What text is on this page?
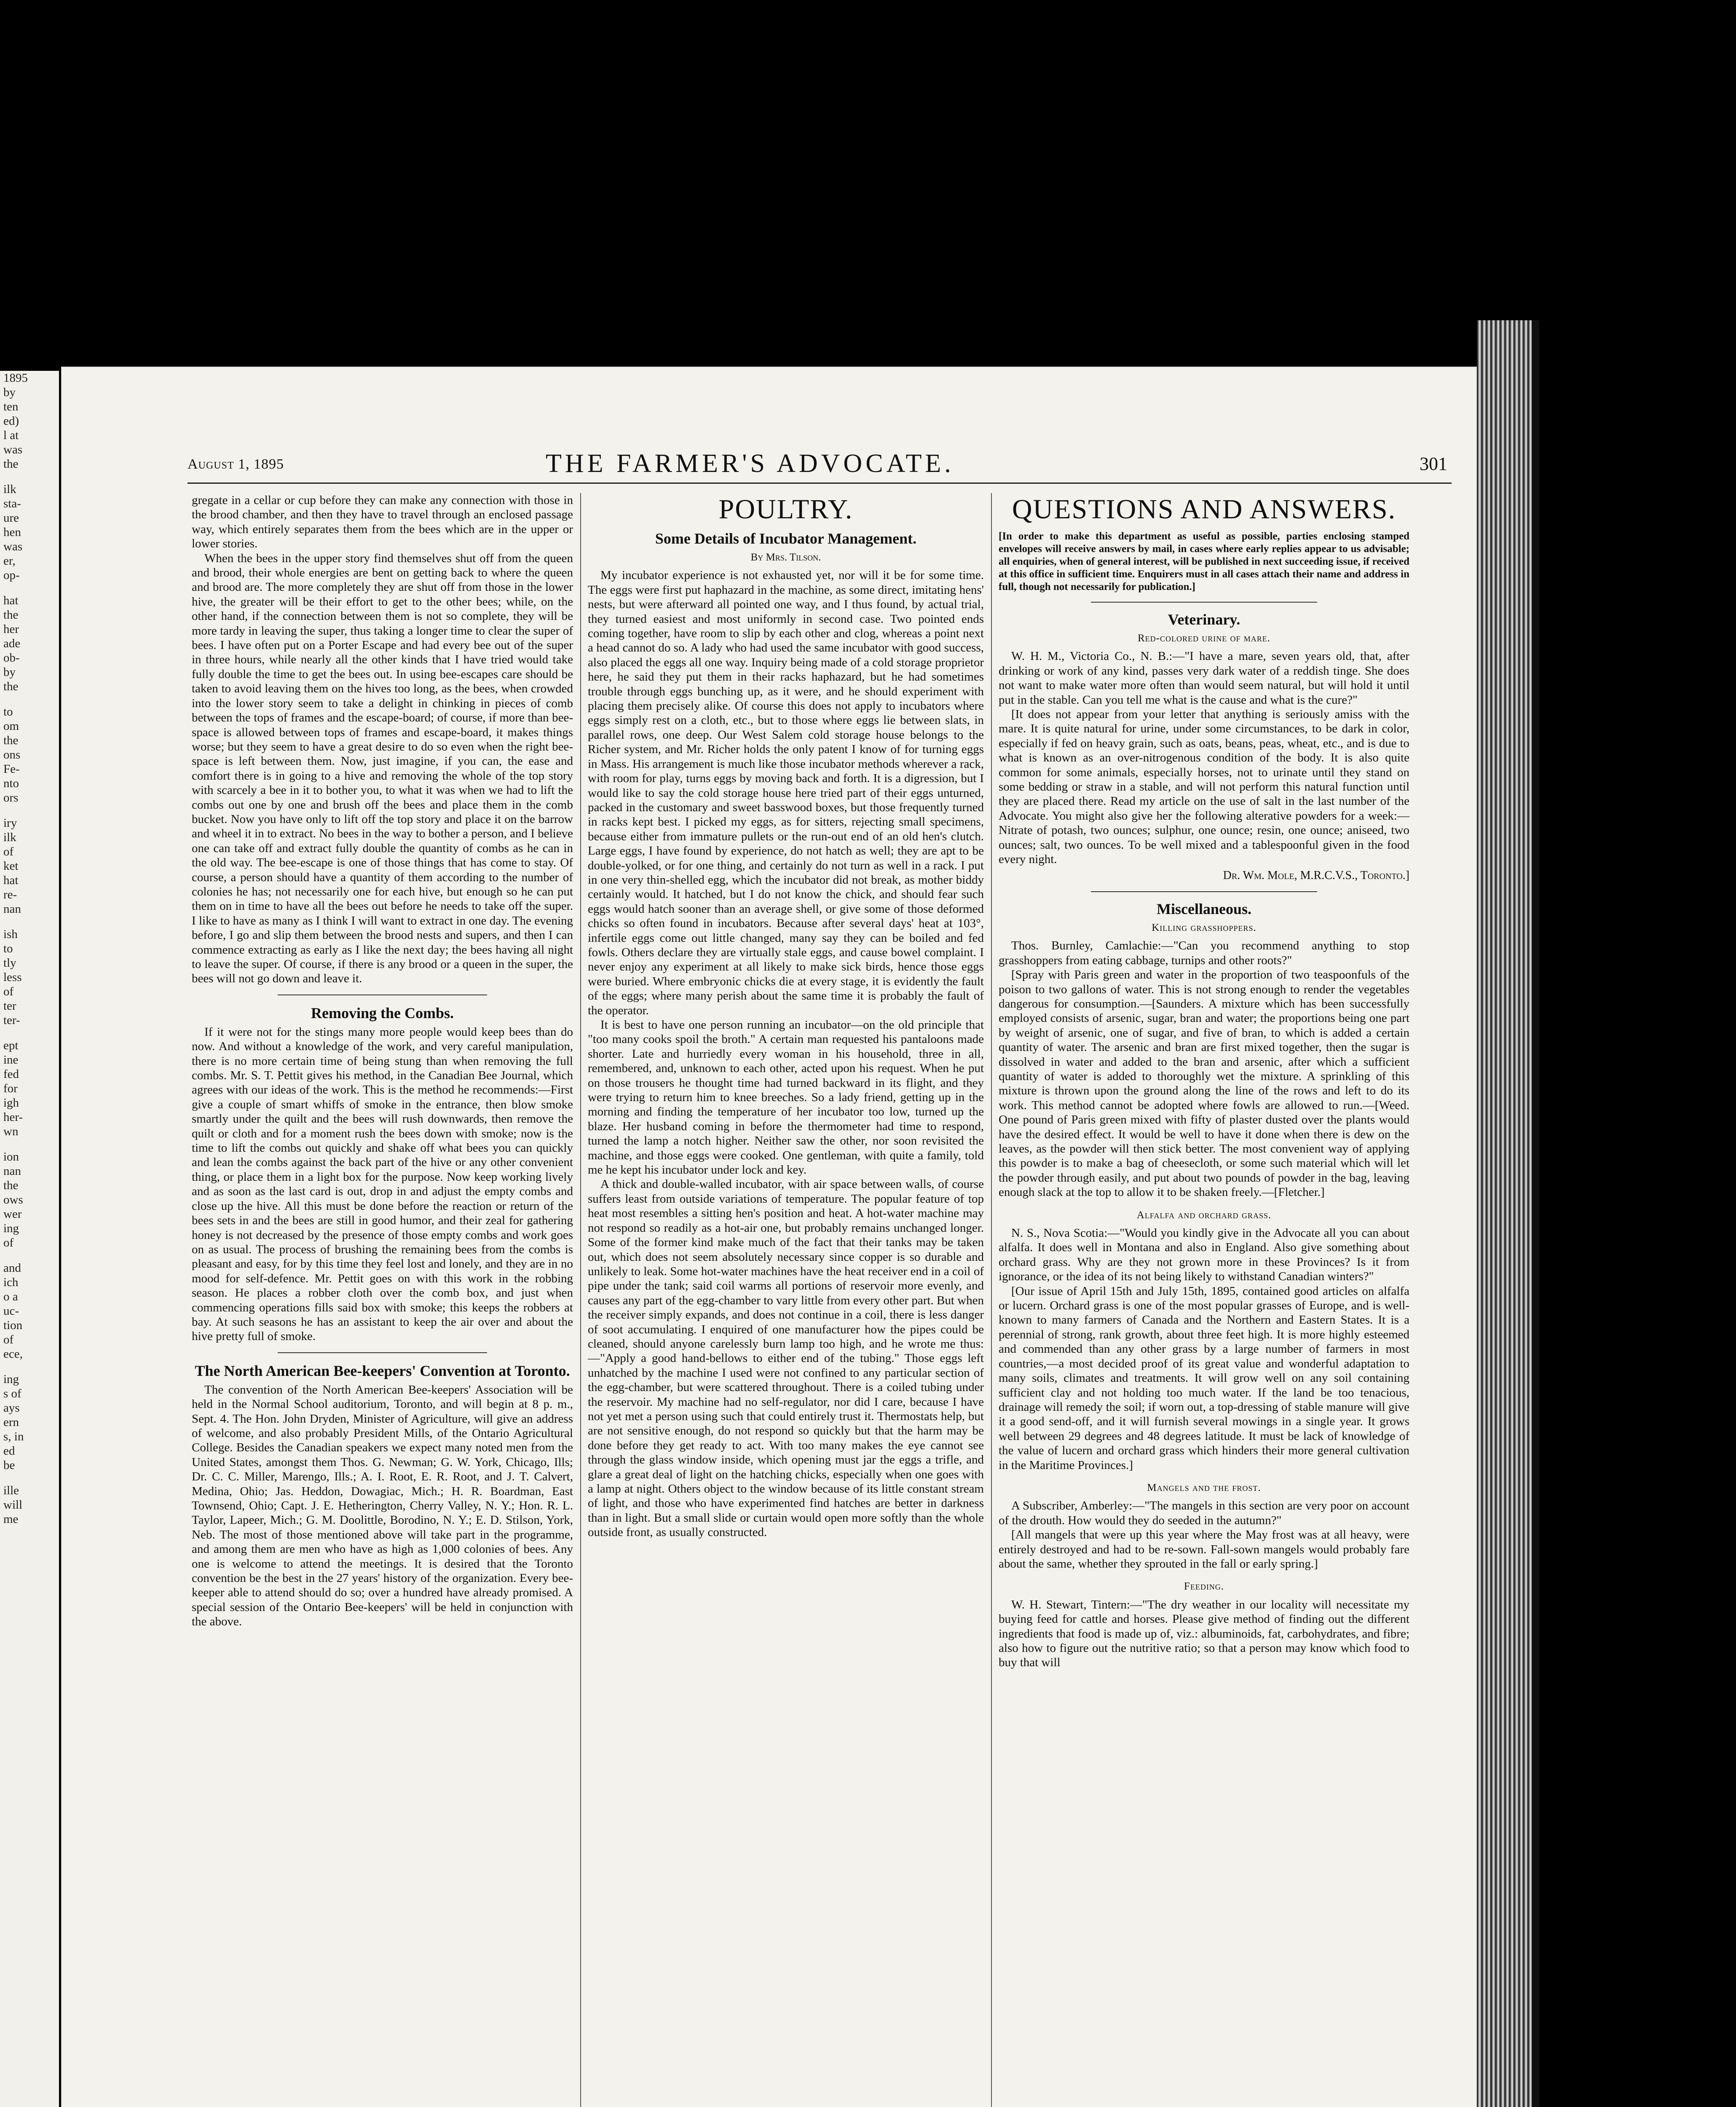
1895
by
ten
ed)
l at
was
the
ilk
sta-
ure
hen
was
er,
op-
hat
the
her
ade
ob-
by
the
to
om
the
ons
Fe-
nto
ors
iry
ilk
of
ket
hat
re-
nan
ish
to
tly
less
of
ter
ter-
ept
ine
fed
for
igh
her-
wn
ion
nan
the
ows
wer
ing
of
and
ich
o a
uc-
tion
of
ece,
ing
s of
ays
ern
s, in
ed
be
ille
will
me
August 1, 1895	THE FARMER'S ADVOCATE.	301

gregate in a cellar or cup before they can make any connection with those in the brood chamber, and then they have to travel through an enclosed passage way, which entirely separates them from the bees which are in the upper or lower stories.

When the bees in the upper story find themselves shut off from the queen and brood, their whole energies are bent on getting back to where the queen and brood are. The more completely they are shut off from those in the lower hive, the greater will be their effort to get to the other bees; while, on the other hand, if the connection between them is not so complete, they will be more tardy in leaving the super, thus taking a longer time to clear the super of bees. I have often put on a Porter Escape and had every bee out of the super in three hours, while nearly all the other kinds that I have tried would take fully double the time to get the bees out. In using bee-escapes care should be taken to avoid leaving them on the hives too long, as the bees, when crowded into the lower story seem to take a delight in chinking in pieces of comb between the tops of frames and the escape-board; of course, if more than bee-space is allowed between tops of frames and escape-board, it makes things worse; but they seem to have a great desire to do so even when the right bee-space is left between them. Now, just imagine, if you can, the ease and comfort there is in going to a hive and removing the whole of the top story with scarcely a bee in it to bother you, to what it was when we had to lift the combs out one by one and brush off the bees and place them in the comb bucket. Now you have only to lift off the top story and place it on the barrow and wheel it in to extract. No bees in the way to bother a person, and I believe one can take off and extract fully double the quantity of combs as he can in the old way. The bee-escape is one of those things that has come to stay. Of course, a person should have a quantity of them according to the number of colonies he has; not necessarily one for each hive, but enough so he can put them on in time to have all the bees out before he needs to take off the super. I like to have as many as I think I will want to extract in one day. The evening before, I go and slip them between the brood nests and supers, and then I can commence extracting as early as I like the next day; the bees having all night to leave the super. Of course, if there is any brood or a queen in the super, the bees will not go down and leave it.

Removing the Combs.

If it were not for the stings many more people would keep bees than do now. And without a knowledge of the work, and very careful manipulation, there is no more certain time of being stung than when removing the full combs. Mr. S. T. Pettit gives his method, in the Canadian Bee Journal, which agrees with our ideas of the work. This is the method he recommends:—First give a couple of smart whiffs of smoke in the entrance, then blow smoke smartly under the quilt and the bees will rush downwards, then remove the quilt or cloth and for a moment rush the bees down with smoke; now is the time to lift the combs out quickly and shake off what bees you can quickly and lean the combs against the back part of the hive or any other convenient thing, or place them in a light box for the purpose. Now keep working lively and as soon as the last card is out, drop in and adjust the empty combs and close up the hive. All this must be done before the reaction or return of the bees sets in and the bees are still in good humor, and their zeal for gathering honey is not decreased by the presence of those empty combs and work goes on as usual. The process of brushing the remaining bees from the combs is pleasant and easy, for by this time they feel lost and lonely, and they are in no mood for self-defence. Mr. Pettit goes on with this work in the robbing season. He places a robber cloth over the comb box, and just when commencing operations fills said box with smoke; this keeps the robbers at bay. At such seasons he has an assistant to keep the air over and about the hive pretty full of smoke.

The North American Bee-keepers' Convention at Toronto.

The convention of the North American Bee-keepers' Association will be held in the Normal School auditorium, Toronto, and will begin at 8 p. m., Sept. 4. The Hon. John Dryden, Minister of Agriculture, will give an address of welcome, and also probably President Mills, of the Ontario Agricultural College. Besides the Canadian speakers we expect many noted men from the United States, amongst them Thos. G. Newman; G. W. York, Chicago, Ills; Dr. C. C. Miller, Marengo, Ills.; A. I. Root, E. R. Root, and J. T. Calvert, Medina, Ohio; Jas. Heddon, Dowagiac, Mich.; H. R. Boardman, East Townsend, Ohio; Capt. J. E. Hetherington, Cherry Valley, N. Y.; Hon. R. L. Taylor, Lapeer, Mich.; G. M. Doolittle, Borodino, N. Y.; E. D. Stilson, York, Neb. The most of those mentioned above will take part in the programme, and among them are men who have as high as 1,000 colonies of bees. Any one is welcome to attend the meetings. It is desired that the Toronto convention be the best in the 27 years' history of the organization. Every bee-keeper able to attend should do so; over a hundred have already promised. A special session of the Ontario Bee-keepers' will be held in conjunction with the above.

POULTRY.
Some Details of Incubator Management.
By Mrs. Tilson.

My incubator experience is not exhausted yet, nor will it be for some time. The eggs were first put haphazard in the machine, as some direct, imitating hens' nests, but were afterward all pointed one way, and I thus found, by actual trial, they turned easiest and most uniformly in second case. Two pointed ends coming together, have room to slip by each other and clog, whereas a point next a head cannot do so. A lady who had used the same incubator with good success, also placed the eggs all one way. Inquiry being made of a cold storage proprietor here, he said they put them in their racks haphazard, but he had sometimes trouble through eggs bunching up, as it were, and he should experiment with placing them precisely alike. Of course this does not apply to incubators where eggs simply rest on a cloth, etc., but to those where eggs lie between slats, in parallel rows, one deep. Our West Salem cold storage house belongs to the Richer system, and Mr. Richer holds the only patent I know of for turning eggs in Mass. His arrangement is much like those incubator methods wherever a rack, with room for play, turns eggs by moving back and forth. It is a digression, but I would like to say the cold storage house here tried part of their eggs unturned, packed in the customary and sweet basswood boxes, but those frequently turned in racks kept best. I picked my eggs, as for sitters, rejecting small specimens, because either from immature pullets or the run-out end of an old hen's clutch. Large eggs, I have found by experience, do not hatch as well; they are apt to be double-yolked, or for one thing, and certainly do not turn as well in a rack. I put in one very thin-shelled egg, which the incubator did not break, as mother biddy certainly would. It hatched, but I do not know the chick, and should fear such eggs would hatch sooner than an average shell, or give some of those deformed chicks so often found in incubators. Because after several days' heat at 103°, infertile eggs come out little changed, many say they can be boiled and fed fowls. Others declare they are virtually stale eggs, and cause bowel complaint. I never enjoy any experiment at all likely to make sick birds, hence those eggs were buried. Where embryonic chicks die at every stage, it is evidently the fault of the eggs; where many perish about the same time it is probably the fault of the operator.

It is best to have one person running an incubator—on the old principle that "too many cooks spoil the broth." A certain man requested his pantaloons made shorter. Late and hurriedly every woman in his household, three in all, remembered, and, unknown to each other, acted upon his request. When he put on those trousers he thought time had turned backward in its flight, and they were trying to return him to knee breeches. So a lady friend, getting up in the morning and finding the temperature of her incubator too low, turned up the blaze. Her husband coming in before the thermometer had time to respond, turned the lamp a notch higher. Neither saw the other, nor soon revisited the machine, and those eggs were cooked. One gentleman, with quite a family, told me he kept his incubator under lock and key.

A thick and double-walled incubator, with air space between walls, of course suffers least from outside variations of temperature. The popular feature of top heat most resembles a sitting hen's position and heat. A hot-water machine may not respond so readily as a hot-air one, but probably remains unchanged longer. Some of the former kind make much of the fact that their tanks may be taken out, which does not seem absolutely necessary since copper is so durable and unlikely to leak. Some hot-water machines have the heat receiver end in a coil of pipe under the tank; said coil warms all portions of reservoir more evenly, and causes any part of the egg-chamber to vary little from every other part. But when the receiver simply expands, and does not continue in a coil, there is less danger of soot accumulating. I enquired of one manufacturer how the pipes could be cleaned, should anyone carelessly burn lamp too high, and he wrote me thus:—"Apply a good hand-bellows to either end of the tubing." Those eggs left unhatched by the machine I used were not confined to any particular section of the egg-chamber, but were scattered throughout. There is a coiled tubing under the reservoir. My machine had no self-regulator, nor did I care, because I have not yet met a person using such that could entirely trust it. Thermostats help, but are not sensitive enough, do not respond so quickly but that the harm may be done before they get ready to act. With too many makes the eye cannot see through the glass window inside, which opening must jar the eggs a trifle, and glare a great deal of light on the hatching chicks, especially when one goes with a lamp at night. Others object to the window because of its little constant stream of light, and those who have experimented find hatches are better in darkness than in light. But a small slide or curtain would open more softly than the whole outside front, as usually constructed.

QUESTIONS AND ANSWERS.
[In order to make this department as useful as possible, parties enclosing stamped envelopes will receive answers by mail, in cases where early replies appear to us advisable; all enquiries, when of general interest, will be published in next succeeding issue, if received at this office in sufficient time. Enquirers must in all cases attach their name and address in full, though not necessarily for publication.]
Veterinary.
Red-colored urine of mare.

W. H. M., Victoria Co., N. B.:—"I have a mare, seven years old, that, after drinking or work of any kind, passes very dark water of a reddish tinge. She does not want to make water more often than would seem natural, but will hold it until put in the stable. Can you tell me what is the cause and what is the cure?"

[It does not appear from your letter that anything is seriously amiss with the mare. It is quite natural for urine, under some circumstances, to be dark in color, especially if fed on heavy grain, such as oats, beans, peas, wheat, etc., and is due to what is known as an over-nitrogenous condition of the body. It is also quite common for some animals, especially horses, not to urinate until they stand on some bedding or straw in a stable, and will not perform this natural function until they are placed there. Read my article on the use of salt in the last number of the Advocate. You might also give her the following alterative powders for a week:—Nitrate of potash, two ounces; sulphur, one ounce; resin, one ounce; aniseed, two ounces; salt, two ounces. To be well mixed and a tablespoonful given in the food every night.

Dr. Wm. Mole, M.R.C.V.S., Toronto.]
Miscellaneous.
Killing grasshoppers.

Thos. Burnley, Camlachie:—"Can you recommend anything to stop grasshoppers from eating cabbage, turnips and other roots?"

[Spray with Paris green and water in the proportion of two teaspoonfuls of the poison to two gallons of water. This is not strong enough to render the vegetables dangerous for consumption.—[Saunders. A mixture which has been successfully employed consists of arsenic, sugar, bran and water; the proportions being one part by weight of arsenic, one of sugar, and five of bran, to which is added a certain quantity of water. The arsenic and bran are first mixed together, then the sugar is dissolved in water and added to the bran and arsenic, after which a sufficient quantity of water is added to thoroughly wet the mixture. A sprinkling of this mixture is thrown upon the ground along the line of the rows and left to do its work. This method cannot be adopted where fowls are allowed to run.—[Weed. One pound of Paris green mixed with fifty of plaster dusted over the plants would have the desired effect. It would be well to have it done when there is dew on the leaves, as the powder will then stick better. The most convenient way of applying this powder is to make a bag of cheesecloth, or some such material which will let the powder through easily, and put about two pounds of powder in the bag, leaving enough slack at the top to allow it to be shaken freely.—[Fletcher.]

Alfalfa and orchard grass.

N. S., Nova Scotia:—"Would you kindly give in the Advocate all you can about alfalfa. It does well in Montana and also in England. Also give something about orchard grass. Why are they not grown more in these Provinces? Is it from ignorance, or the idea of its not being likely to withstand Canadian winters?"

[Our issue of April 15th and July 15th, 1895, contained good articles on alfalfa or lucern. Orchard grass is one of the most popular grasses of Europe, and is well-known to many farmers of Canada and the Northern and Eastern States. It is a perennial of strong, rank growth, about three feet high. It is more highly esteemed and commended than any other grass by a large number of farmers in most countries,—a most decided proof of its great value and wonderful adaptation to many soils, climates and treatments. It will grow well on any soil containing sufficient clay and not holding too much water. If the land be too tenacious, drainage will remedy the soil; if worn out, a top-dressing of stable manure will give it a good send-off, and it will furnish several mowings in a single year. It grows well between 29 degrees and 48 degrees latitude. It must be lack of knowledge of the value of lucern and orchard grass which hinders their more general cultivation in the Maritime Provinces.]

Mangels and the frost.

A Subscriber, Amberley:—"The mangels in this section are very poor on account of the drouth. How would they do seeded in the autumn?"

[All mangels that were up this year where the May frost was at all heavy, were entirely destroyed and had to be re-sown. Fall-sown mangels would probably fare about the same, whether they sprouted in the fall or early spring.]

Feeding.

W. H. Stewart, Tintern:—"The dry weather in our locality will necessitate my buying feed for cattle and horses. Please give method of finding out the different ingredients that food is made up of, viz.: albuminoids, fat, carbohydrates, and fibre; also how to figure out the nutritive ratio; so that a person may know which food to buy that will
